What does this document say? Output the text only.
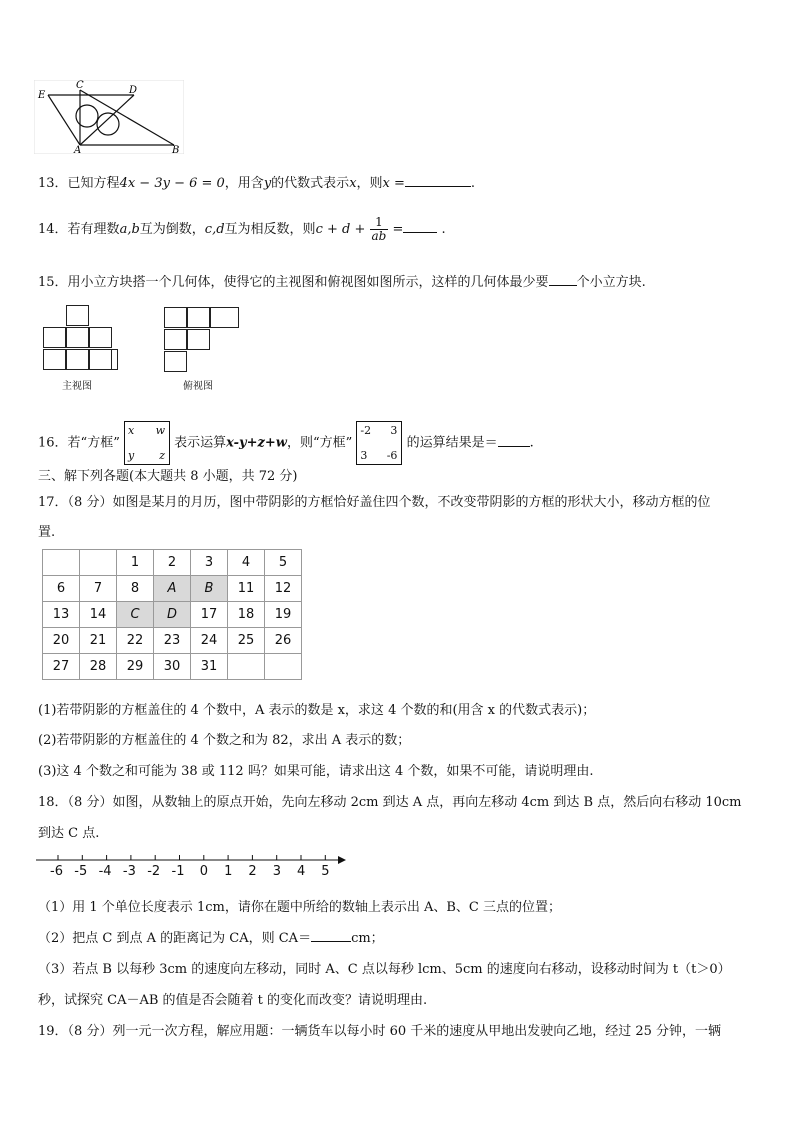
E
C	D
A	B
13．已知方程4x − 3y − 6 = 0，用含y的代数式表示x，则x =	.
14．若有理数a,b互为倒数，c,d互为相反数，则$c + d + \frac{1}{ab}$ =	.
15．用小立方块搭一个几何体，使得它的主视图和俯视图如图所示，这样的几何体最少要 个小立方块.
主视图	俯视图
16．若“方框”
x w
y z
表示运算x-y+z+w，则“方框”
-2 3
3 -6
的运算结果是＝ .
三、解下列各题(本大题共 8 小题，共 72 分)
17．（8 分）如图是某月的月历，图中带阴影的方框恰好盖住四个数，不改变带阴影的方框的形状大小，移动方框的位
置.
		1	2	3	4	5
6	7	8	A	B	11	12
13	14	C	D	17	18	19
20	21	22	23	24	25	26
27	28	29	30	31		
(1)若带阴影的方框盖住的 4 个数中，A 表示的数是 x，求这 4 个数的和(用含 x 的代数式表示)；
(2)若带阴影的方框盖住的 4 个数之和为 82，求出 A 表示的数；
(3)这 4 个数之和可能为 38 或 112 吗？如果可能，请求出这 4 个数，如果不可能，请说明理由.
18．（8 分）如图，从数轴上的原点开始，先向左移动 2cm 到达 A 点，再向左移动 4cm 到达 B 点，然后向右移动 10cm
到达 C 点.
-6 -5 -4 -3 -2 -1 0 1 2 3 4 5
（1）用 1 个单位长度表示 1cm，请你在题中所给的数轴上表示出 A、B、C 三点的位置；
（2）把点 C 到点 A 的距离记为 CA，则 CA＝	cm；
（3）若点 B 以每秒 3cm 的速度向左移动，同时 A、C 点以每秒 lcm、5cm 的速度向右移动，设移动时间为 t（t＞0）
秒，试探究 CA－AB 的值是否会随着 t 的变化而改变？请说明理由.
19．（8 分）列一元一次方程，解应用题：一辆货车以每小时 60 千米的速度从甲地出发驶向乙地，经过 25 分钟，一辆
